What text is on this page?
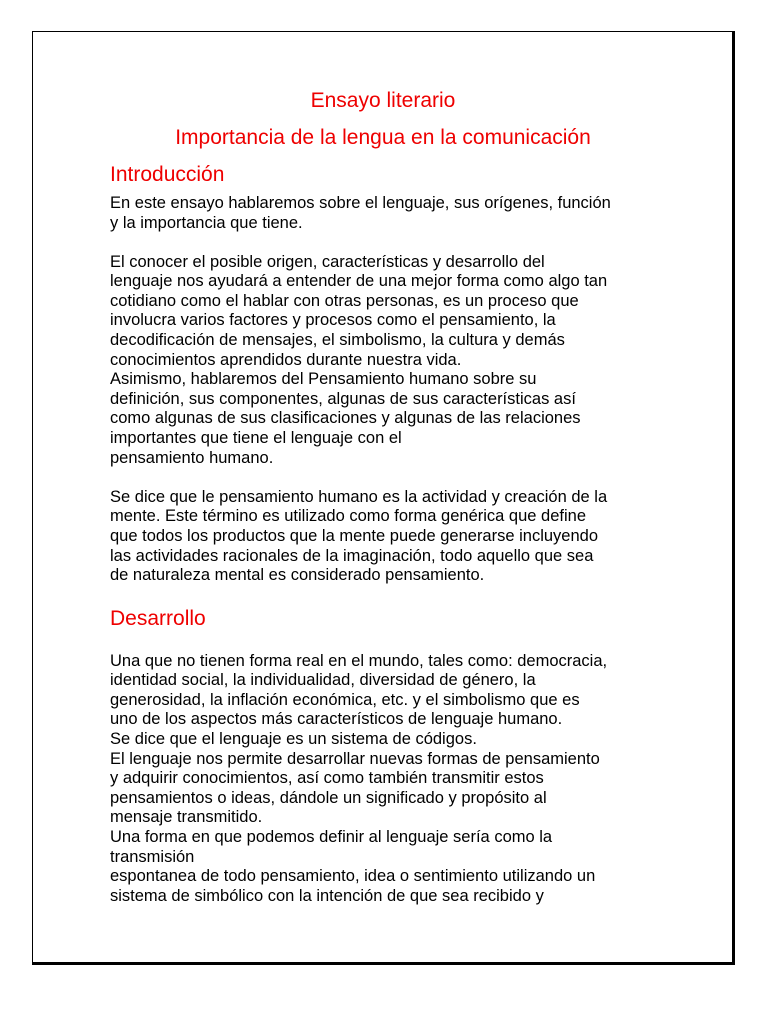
Ensayo literario
Importancia de la lengua en la comunicación
Introducción

En este ensayo hablaremos sobre el lenguaje, sus orígenes, función
y la importancia que tiene.

El conocer el posible origen, características y desarrollo del
lenguaje nos ayudará a entender de una mejor forma como algo tan
cotidiano como el hablar con otras personas, es un proceso que
involucra varios factores y procesos como el pensamiento, la
decodificación de mensajes, el simbolismo, la cultura y demás
conocimientos aprendidos durante nuestra vida.
Asimismo, hablaremos del Pensamiento humano sobre su
definición, sus componentes, algunas de sus características así
como algunas de sus clasificaciones y algunas de las relaciones
importantes que tiene el lenguaje con el
pensamiento humano.

Se dice que le pensamiento humano es la actividad y creación de la
mente. Este término es utilizado como forma genérica que define
que todos los productos que la mente puede generarse incluyendo
las actividades racionales de la imaginación, todo aquello que sea
de naturaleza mental es considerado pensamiento.

Desarrollo

Una que no tienen forma real en el mundo, tales como: democracia,
identidad social, la individualidad, diversidad de género, la
generosidad, la inflación económica, etc. y el simbolismo que es
uno de los aspectos más característicos de lenguaje humano.
Se dice que el lenguaje es un sistema de códigos.
El lenguaje nos permite desarrollar nuevas formas de pensamiento
y adquirir conocimientos, así como también transmitir estos
pensamientos o ideas, dándole un significado y propósito al
mensaje transmitido.
Una forma en que podemos definir al lenguaje sería como la
transmisión
espontanea de todo pensamiento, idea o sentimiento utilizando un
sistema de simbólico con la intención de que sea recibido y
